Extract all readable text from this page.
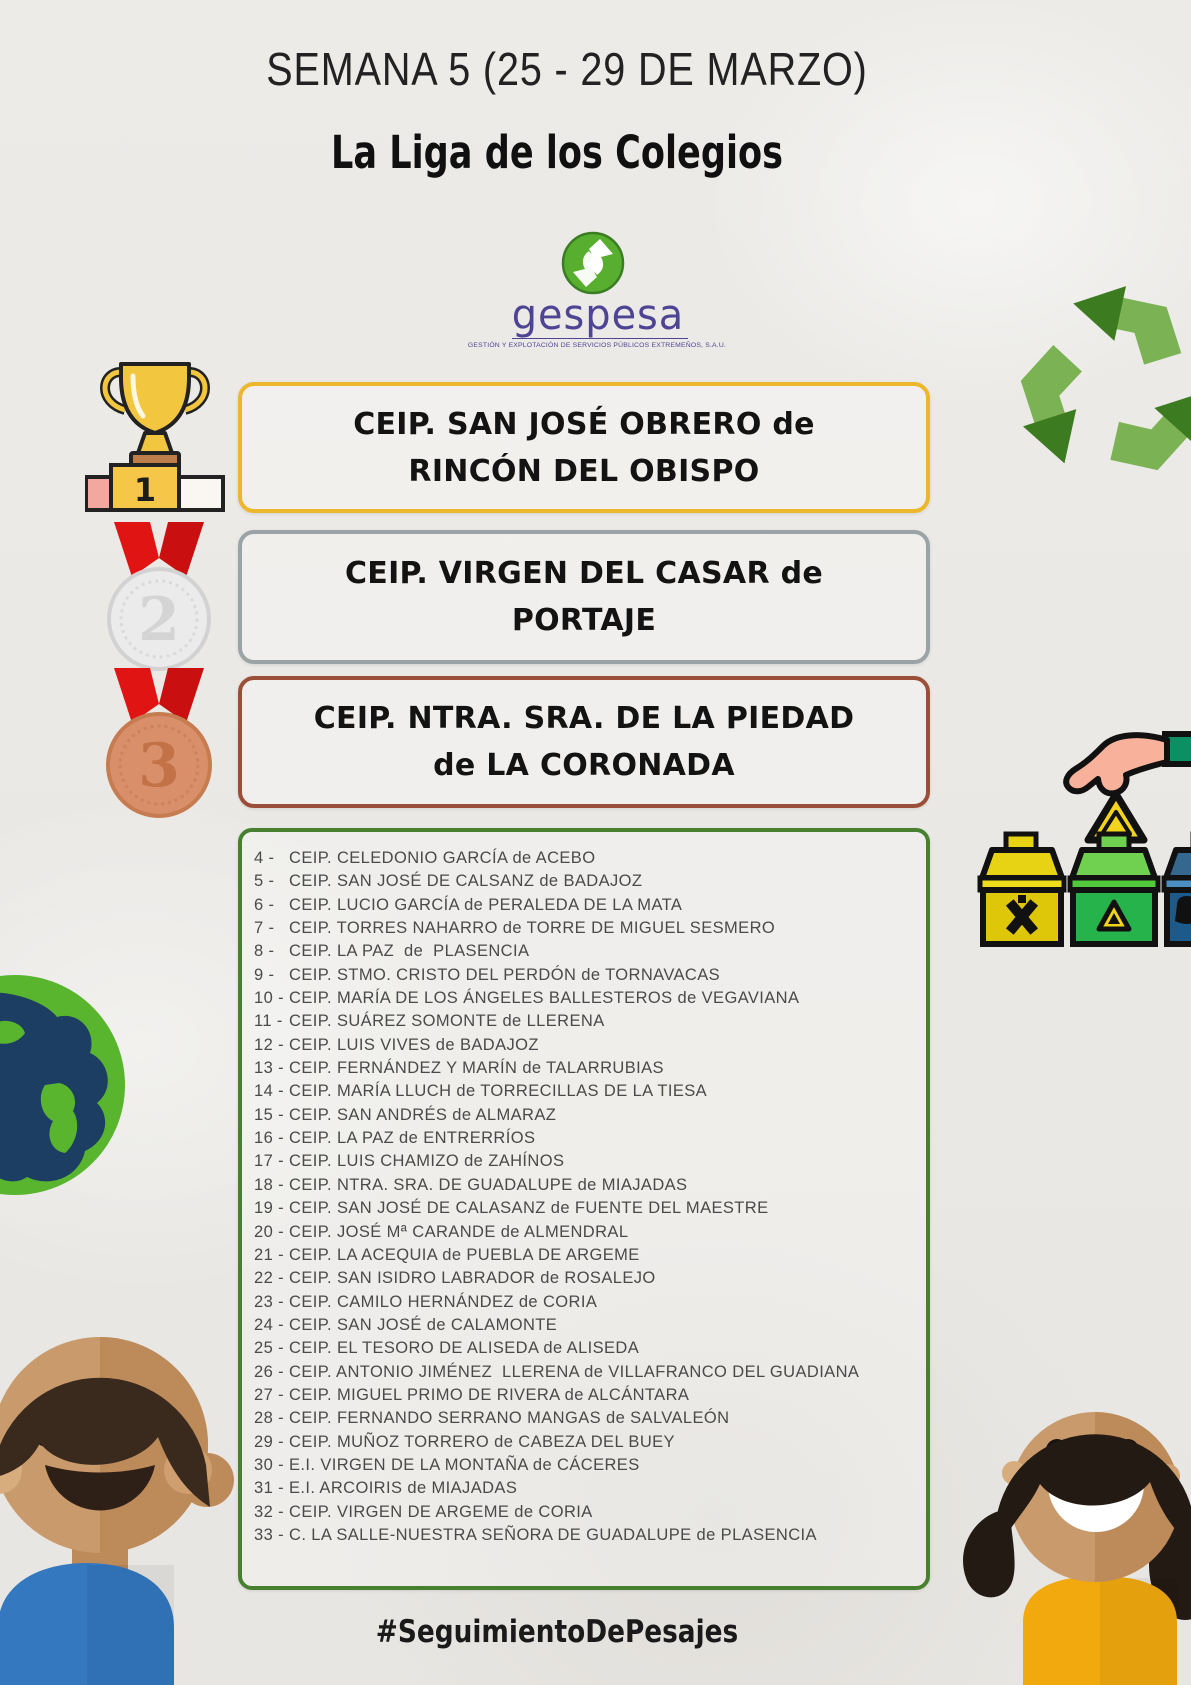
SEMANA 5 (25 - 29 DE MARZO)
La Liga de los Colegios
gespesa
GESTIÓN Y EXPLOTACIÓN DE SERVICIOS PÚBLICOS EXTREMEÑOS, S.A.U.
1
2
3
CEIP. SAN JOSÉ OBRERO de
RINCÓN DEL OBISPO
CEIP. VIRGEN DEL CASAR de
PORTAJE
CEIP. NTRA. SRA. DE LA PIEDAD
de LA CORONADA
4 - CEIP. CELEDONIO GARCÍA de ACEBO
5 - CEIP. SAN JOSÉ DE CALSANZ de BADAJOZ
6 - CEIP. LUCIO GARCÍA de PERALEDA DE LA MATA
7 - CEIP. TORRES NAHARRO de TORRE DE MIGUEL SESMERO
8 - CEIP. LA PAZ  de  PLASENCIA
9 - CEIP. STMO. CRISTO DEL PERDÓN de TORNAVACAS
10 - CEIP. MARÍA DE LOS ÁNGELES BALLESTEROS de VEGAVIANA
11 - CEIP. SUÁREZ SOMONTE de LLERENA
12 - CEIP. LUIS VIVES de BADAJOZ
13 - CEIP. FERNÁNDEZ Y MARÍN de TALARRUBIAS
14 - CEIP. MARÍA LLUCH de TORRECILLAS DE LA TIESA
15 - CEIP. SAN ANDRÉS de ALMARAZ
16 - CEIP. LA PAZ de ENTRERRÍOS
17 - CEIP. LUIS CHAMIZO de ZAHÍNOS
18 - CEIP. NTRA. SRA. DE GUADALUPE de MIAJADAS
19 - CEIP. SAN JOSÉ DE CALASANZ de FUENTE DEL MAESTRE
20 - CEIP. JOSÉ Mª CARANDE de ALMENDRAL
21 - CEIP. LA ACEQUIA de PUEBLA DE ARGEME
22 - CEIP. SAN ISIDRO LABRADOR de ROSALEJO
23 - CEIP. CAMILO HERNÁNDEZ de CORIA
24 - CEIP. SAN JOSÉ de CALAMONTE
25 - CEIP. EL TESORO DE ALISEDA de ALISEDA
26 - CEIP. ANTONIO JIMÉNEZ  LLERENA de VILLAFRANCO DEL GUADIANA
27 - CEIP. MIGUEL PRIMO DE RIVERA de ALCÁNTARA
28 - CEIP. FERNANDO SERRANO MANGAS de SALVALEÓN
29 - CEIP. MUÑOZ TORRERO de CABEZA DEL BUEY
30 - E.I. VIRGEN DE LA MONTAÑA de CÁCERES
31 - E.I. ARCOIRIS de MIAJADAS
32 - CEIP. VIRGEN DE ARGEME de CORIA
33 - C. LA SALLE-NUESTRA SEÑORA DE GUADALUPE de PLASENCIA
#SeguimientoDePesajes
